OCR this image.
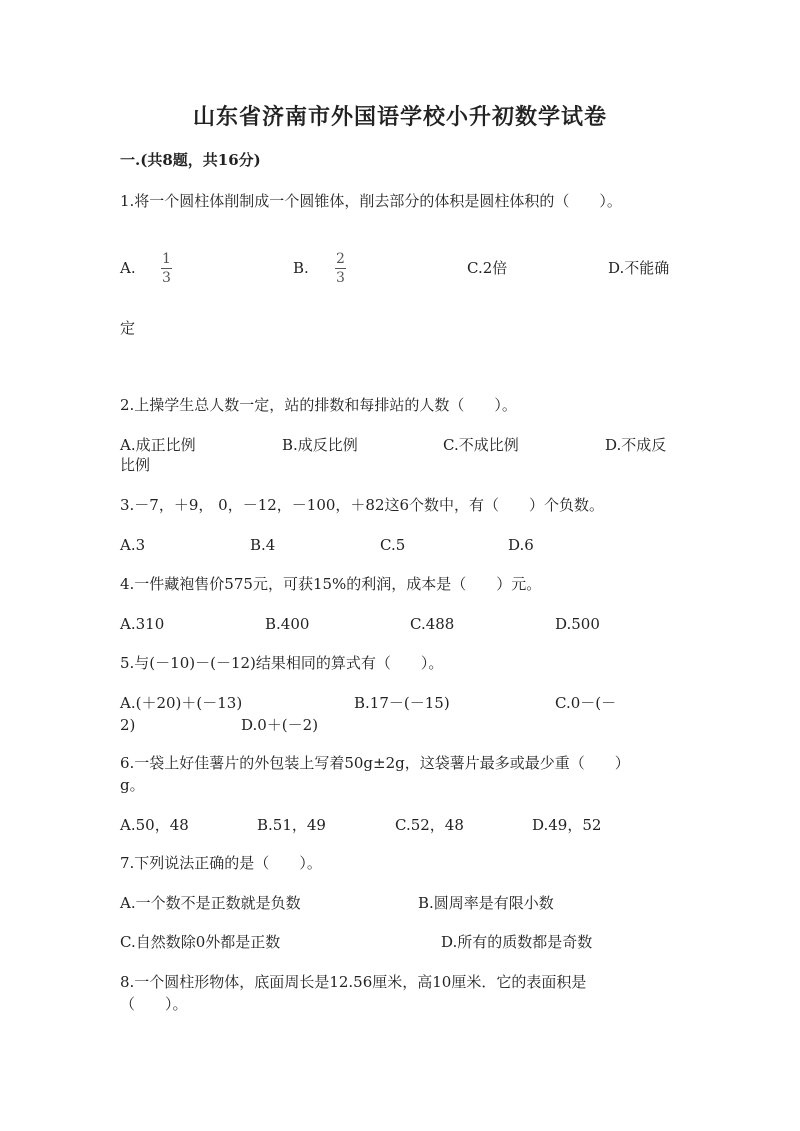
山东省济南市外国语学校小升初数学试卷
一.(共8题，共16分)
1.将一个圆柱体削制成一个圆锥体，削去部分的体积是圆柱体积的（　　）。
A. 1
3
B. 2
3
C.2倍	D.不能确
定
2.上操学生总人数一定，站的排数和每排站的人数（　　）。
A.成正比例	B.成反比例	C.不成比例	D.不成反
比例
3.－7，＋9， 0，－12，－100，＋82这6个数中，有（　　）个负数。
A.3	B.4	C.5	D.6
4.一件藏袍售价575元，可获15%的利润，成本是（　　）元。
A.310	B.400	C.488	D.500
5.与(－10)－(－12)结果相同的算式有（　　）。
A.(＋20)＋(－13)	B.17－(－15)	C.0－(－
2)	D.0＋(－2)
6.一袋上好佳薯片的外包装上写着50g±2g，这袋薯片最多或最少重（　　）
g。
A.50，48	B.51，49	C.52，48	D.49，52
7.下列说法正确的是（　　）。
A.一个数不是正数就是负数	B.圆周率是有限小数
C.自然数除0外都是正数	D.所有的质数都是奇数
8.一个圆柱形物体，底面周长是12.56厘米，高10厘米．它的表面积是
（　　）。
